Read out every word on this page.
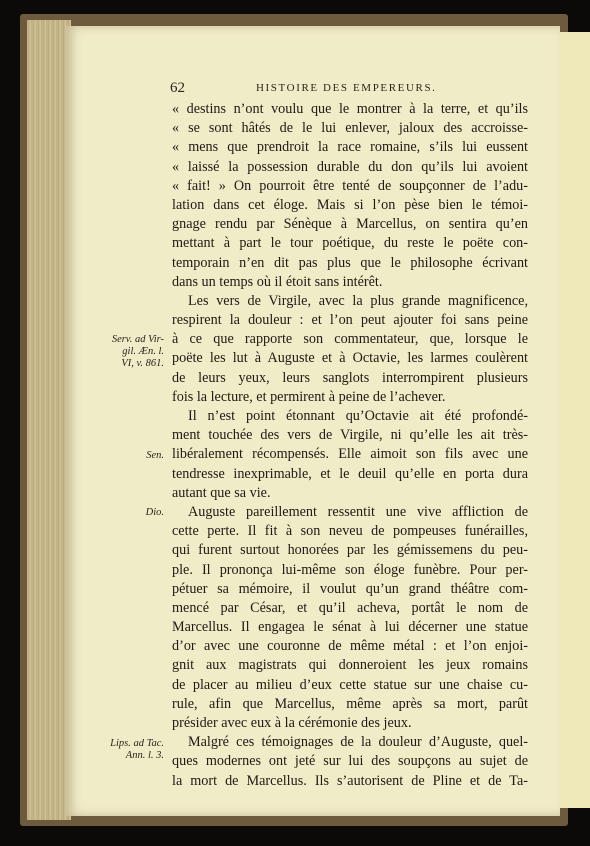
62	HISTOIRE DES EMPEREURS.
« destins n’ont voulu que le montrer à la terre, et qu’ils
« se sont hâtés de le lui enlever, jaloux des accroisse-
« mens que prendroit la race romaine, s’ils lui eussent
« laissé la possession durable du don qu’ils lui avoient
« fait! » On pourroit être tenté de soupçonner de l’adu-
lation dans cet éloge. Mais si l’on pèse bien le témoi-
gnage rendu par Sénèque à Marcellus, on sentira qu’en
mettant à part le tour poétique, du reste le poëte con-
temporain n’en dit pas plus que le philosophe écrivant
dans un temps où il étoit sans intérêt.
Les vers de Virgile, avec la plus grande magnificence,
respirent la douleur : et l’on peut ajouter foi sans peine
à ce que rapporte son commentateur, que, lorsque le
poëte les lut à Auguste et à Octavie, les larmes coulèrent
de leurs yeux, leurs sanglots interrompirent plusieurs
fois la lecture, et permirent à peine de l’achever.
Il n’est point étonnant qu’Octavie ait été profondé-
ment touchée des vers de Virgile, ni qu’elle les ait très-
libéralement récompensés. Elle aimoit son fils avec une
tendresse inexprimable, et le deuil qu’elle en porta dura
autant que sa vie.
Auguste pareillement ressentit une vive affliction de
cette perte. Il fit à son neveu de pompeuses funérailles,
qui furent surtout honorées par les gémissemens du peu-
ple. Il prononça lui-même son éloge funèbre. Pour per-
pétuer sa mémoire, il voulut qu’un grand théâtre com-
mencé par César, et qu’il acheva, portât le nom de
Marcellus. Il engagea le sénat à lui décerner une statue
d’or avec une couronne de même métal : et l’on enjoi-
gnit aux magistrats qui donneroient les jeux romains
de placer au milieu d’eux cette statue sur une chaise cu-
rule, afin que Marcellus, même après sa mort, parût
présider avec eux à la cérémonie des jeux.
Malgré ces témoignages de la douleur d’Auguste, quel-
ques modernes ont jeté sur lui des soupçons au sujet de
la mort de Marcellus. Ils s’autorisent de Pline et de Ta-
Serv. ad Vir-
gil. Æn. l.
VI, v. 861.
Sen.
Dio.
Lips. ad Tac.
Ann. l. 3.
